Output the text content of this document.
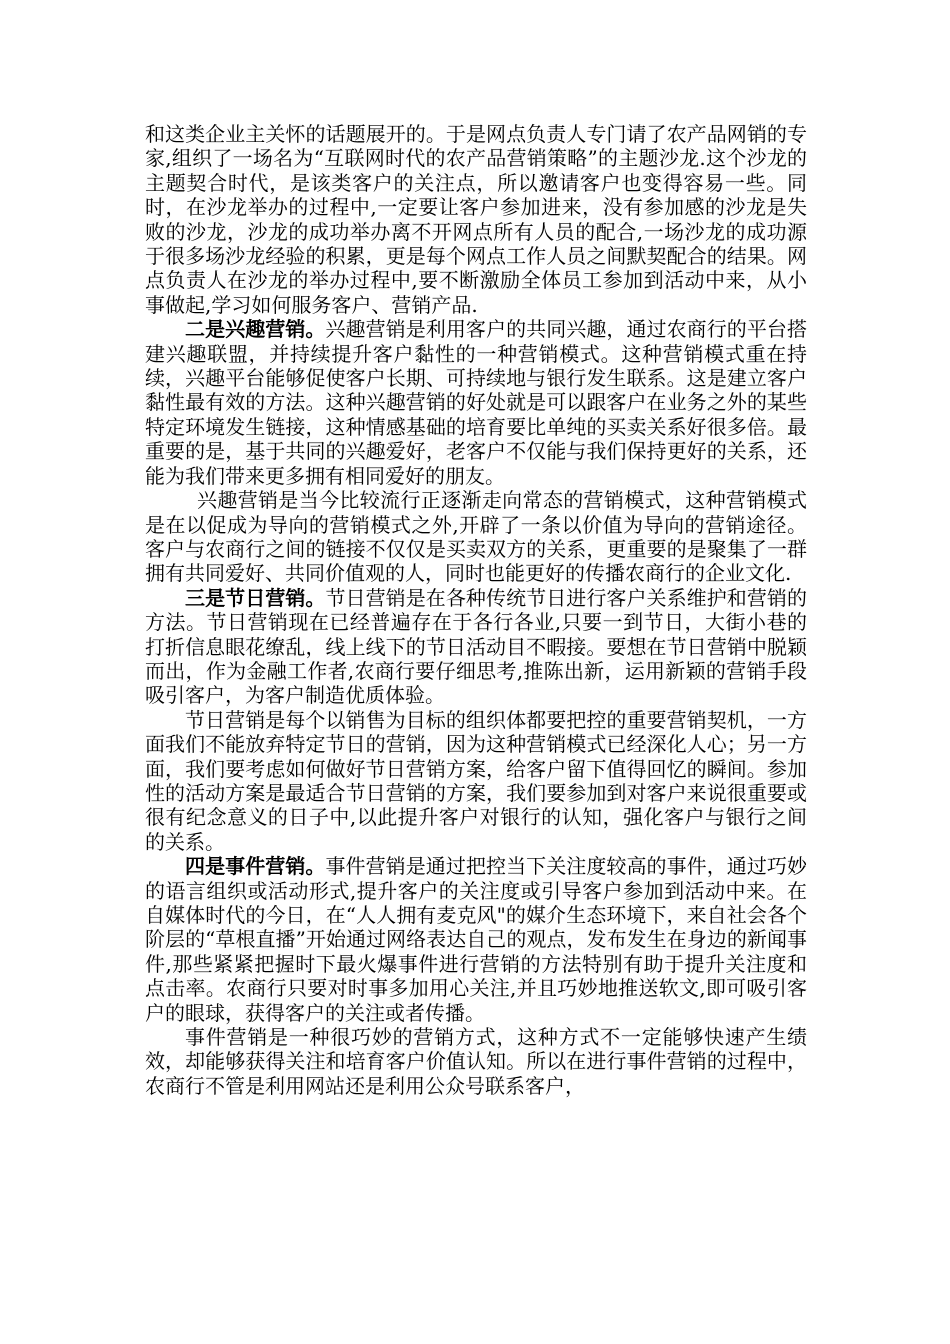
和这类企业主关怀的话题展开的。于是网点负责人专门请了农产品网销的专家,组织了一场名为“互联网时代的农产品营销策略”的主题沙龙.这个沙龙的主题契合时代，是该类客户的关注点，所以邀请客户也变得容易一些。同时，在沙龙举办的过程中,一定要让客户参加进来，没有参加感的沙龙是失败的沙龙，沙龙的成功举办离不开网点所有人员的配合,一场沙龙的成功源于很多场沙龙经验的积累，更是每个网点工作人员之间默契配合的结果。网点负责人在沙龙的举办过程中,要不断激励全体员工参加到活动中来，从小事做起,学习如何服务客户、营销产品.

二是兴趣营销。兴趣营销是利用客户的共同兴趣，通过农商行的平台搭建兴趣联盟，并持续提升客户黏性的一种营销模式。这种营销模式重在持续，兴趣平台能够促使客户长期、可持续地与银行发生联系。这是建立客户黏性最有效的方法。这种兴趣营销的好处就是可以跟客户在业务之外的某些特定环境发生链接，这种情感基础的培育要比单纯的买卖关系好很多倍。最重要的是，基于共同的兴趣爱好，老客户不仅能与我们保持更好的关系，还能为我们带来更多拥有相同爱好的朋友。

兴趣营销是当今比较流行正逐渐走向常态的营销模式，这种营销模式是在以促成为导向的营销模式之外,开辟了一条以价值为导向的营销途径。客户与农商行之间的链接不仅仅是买卖双方的关系，更重要的是聚集了一群拥有共同爱好、共同价值观的人，同时也能更好的传播农商行的企业文化.

三是节日营销。节日营销是在各种传统节日进行客户关系维护和营销的方法。节日营销现在已经普遍存在于各行各业,只要一到节日，大街小巷的打折信息眼花缭乱，线上线下的节日活动目不暇接。要想在节日营销中脱颖而出，作为金融工作者,农商行要仔细思考,推陈出新，运用新颖的营销手段吸引客户，为客户制造优质体验。

节日营销是每个以销售为目标的组织体都要把控的重要营销契机，一方面我们不能放弃特定节日的营销，因为这种营销模式已经深化人心；另一方面，我们要考虑如何做好节日营销方案，给客户留下值得回忆的瞬间。参加性的活动方案是最适合节日营销的方案，我们要参加到对客户来说很重要或很有纪念意义的日子中,以此提升客户对银行的认知，强化客户与银行之间的关系。

四是事件营销。事件营销是通过把控当下关注度较高的事件，通过巧妙的语言组织或活动形式,提升客户的关注度或引导客户参加到活动中来。在自媒体时代的今日，在“人人拥有麦克风"的媒介生态环境下，来自社会各个阶层的“草根直播”开始通过网络表达自己的观点，发布发生在身边的新闻事件,那些紧紧把握时下最火爆事件进行营销的方法特别有助于提升关注度和点击率。农商行只要对时事多加用心关注,并且巧妙地推送软文,即可吸引客户的眼球，获得客户的关注或者传播。

事件营销是一种很巧妙的营销方式，这种方式不一定能够快速产生绩效，却能够获得关注和培育客户价值认知。所以在进行事件营销的过程中，农商行不管是利用网站还是利用公众号联系客户，
